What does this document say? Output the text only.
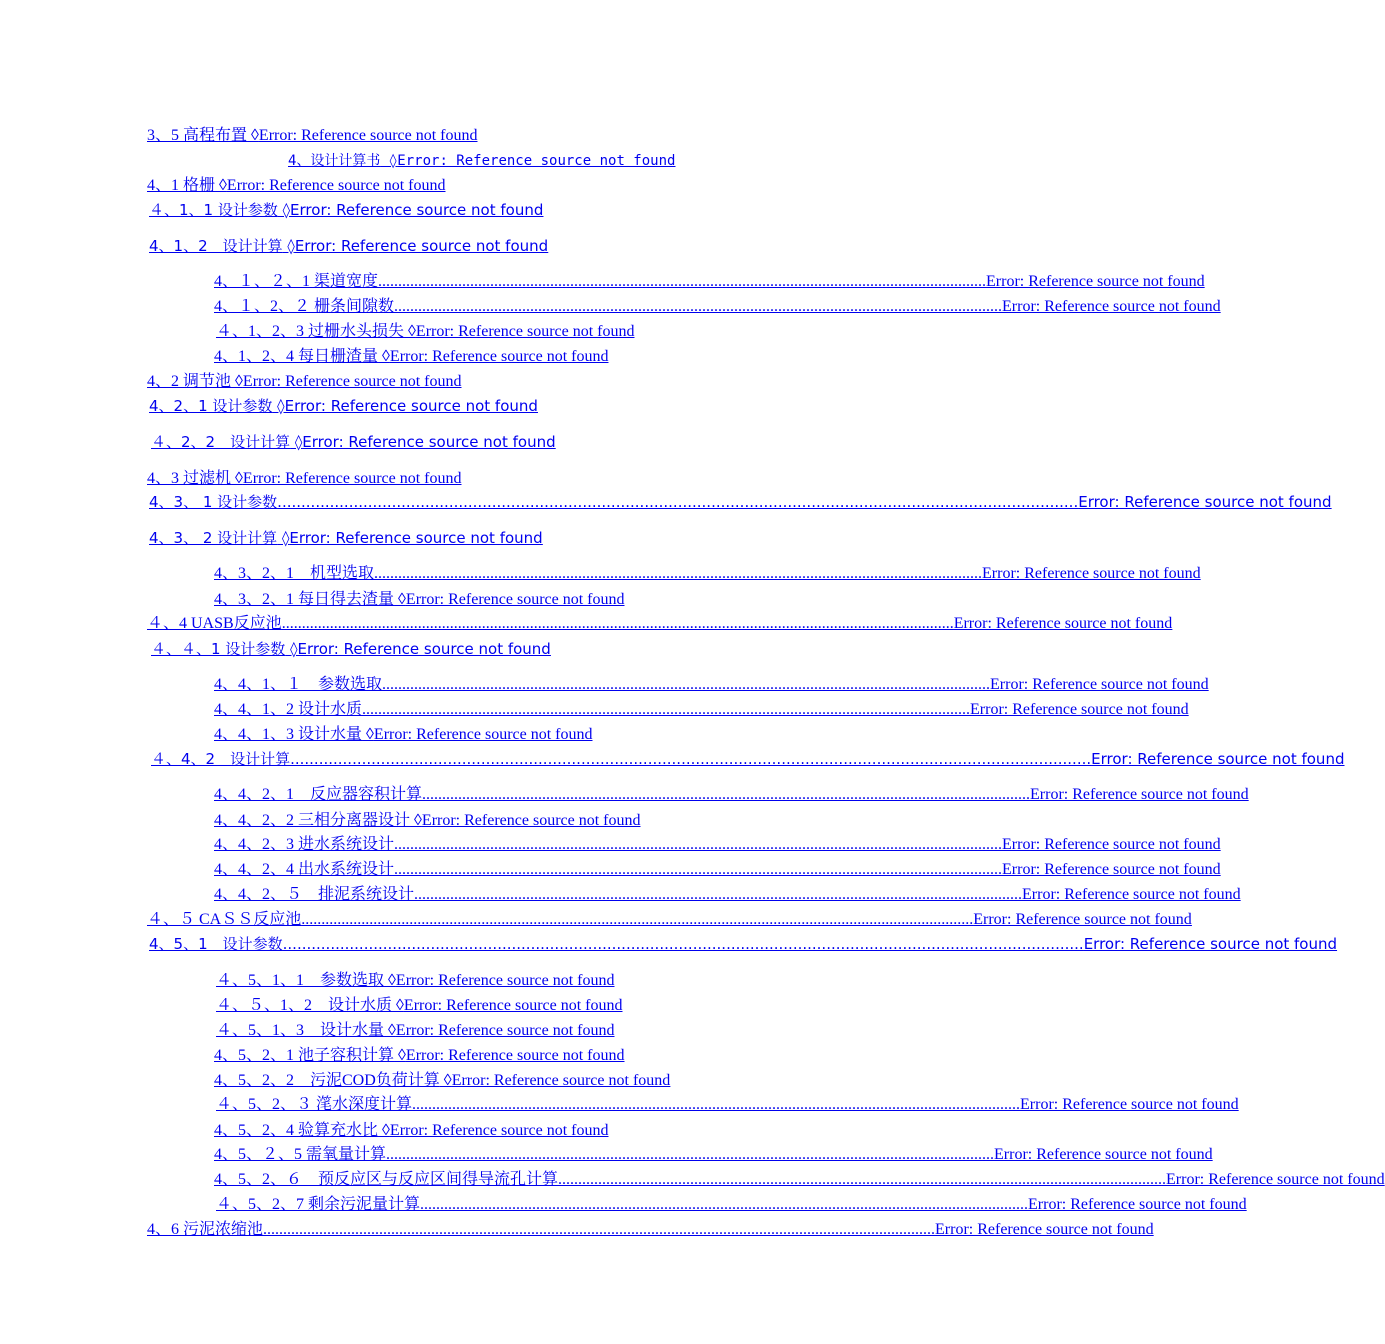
3、5 高程布置 ◊Error: Reference source not found
4、设计计算书 ◊Error: Reference source not found
4、1 格栅 ◊Error: Reference source not found
４、1、1 设计参数 ◊Error: Reference source not found
4、1、2　设计计算 ◊Error: Reference source not found
4、１、２、1 渠道宽度 ........................................................................................................................................................ Error: Reference source not found
4、１、2、２ 栅条间隙数 ........................................................................................................................................................ Error: Reference source not found
４、1、2、3 过栅水头损失 ◊Error: Reference source not found
4、1、2、4 每日栅渣量 ◊Error: Reference source not found
4、2 调节池 ◊Error: Reference source not found
4、2、1 设计参数 ◊Error: Reference source not found
４、2、2　设计计算 ◊Error: Reference source not found
4、3 过滤机 ◊Error: Reference source not found
4、3、 1 设计参数 ........................................................................................................................................................................ Error: Reference source not found
4、3、 2 设计计算 ◊Error: Reference source not found
4、3、2、1　机型选取 ........................................................................................................................................................ Error: Reference source not found
4、3、2、1 每日得去渣量 ◊Error: Reference source not found
４、4 UASB反应池 ........................................................................................................................................................................ Error: Reference source not found
４、４、1 设计参数 ◊Error: Reference source not found
4、4、1、１　参数选取 ........................................................................................................................................................ Error: Reference source not found
4、4、1、2 设计水质 ........................................................................................................................................................ Error: Reference source not found
4、4、1、3 设计水量 ◊Error: Reference source not found
４、4、2　设计计算 ........................................................................................................................................................................ Error: Reference source not found
4、4、2、1　反应器容积计算 ........................................................................................................................................................ Error: Reference source not found
4、4、2、2 三相分离器设计 ◊Error: Reference source not found
4、4、2、3 进水系统设计 ........................................................................................................................................................ Error: Reference source not found
4、4、2、4 出水系统设计 ........................................................................................................................................................ Error: Reference source not found
4、4、2、５　排泥系统设计 ........................................................................................................................................................ Error: Reference source not found
４、５ CAＳＳ反应池 ........................................................................................................................................................................ Error: Reference source not found
4、5、1　设计参数 ........................................................................................................................................................................ Error: Reference source not found
４、5、1、1　参数选取 ◊Error: Reference source not found
４、５、1、2　设计水质 ◊Error: Reference source not found
４、5、1、3　设计水量 ◊Error: Reference source not found
4、5、2、1 池子容积计算 ◊Error: Reference source not found
4、5、2、2　污泥COD负荷计算 ◊Error: Reference source not found
４、5、2、３ 滗水深度计算 ........................................................................................................................................................ Error: Reference source not found
4、5、2、4 验算充水比 ◊Error: Reference source not found
4、5、２、5 需氧量计算 ........................................................................................................................................................ Error: Reference source not found
4、5、2、６　预反应区与反应区间得导流孔计算 ........................................................................................................................................................ Error: Reference source not found
４、5、2、7 剩余污泥量计算 ........................................................................................................................................................ Error: Reference source not found
4、6 污泥浓缩池 ........................................................................................................................................................................ Error: Reference source not found
